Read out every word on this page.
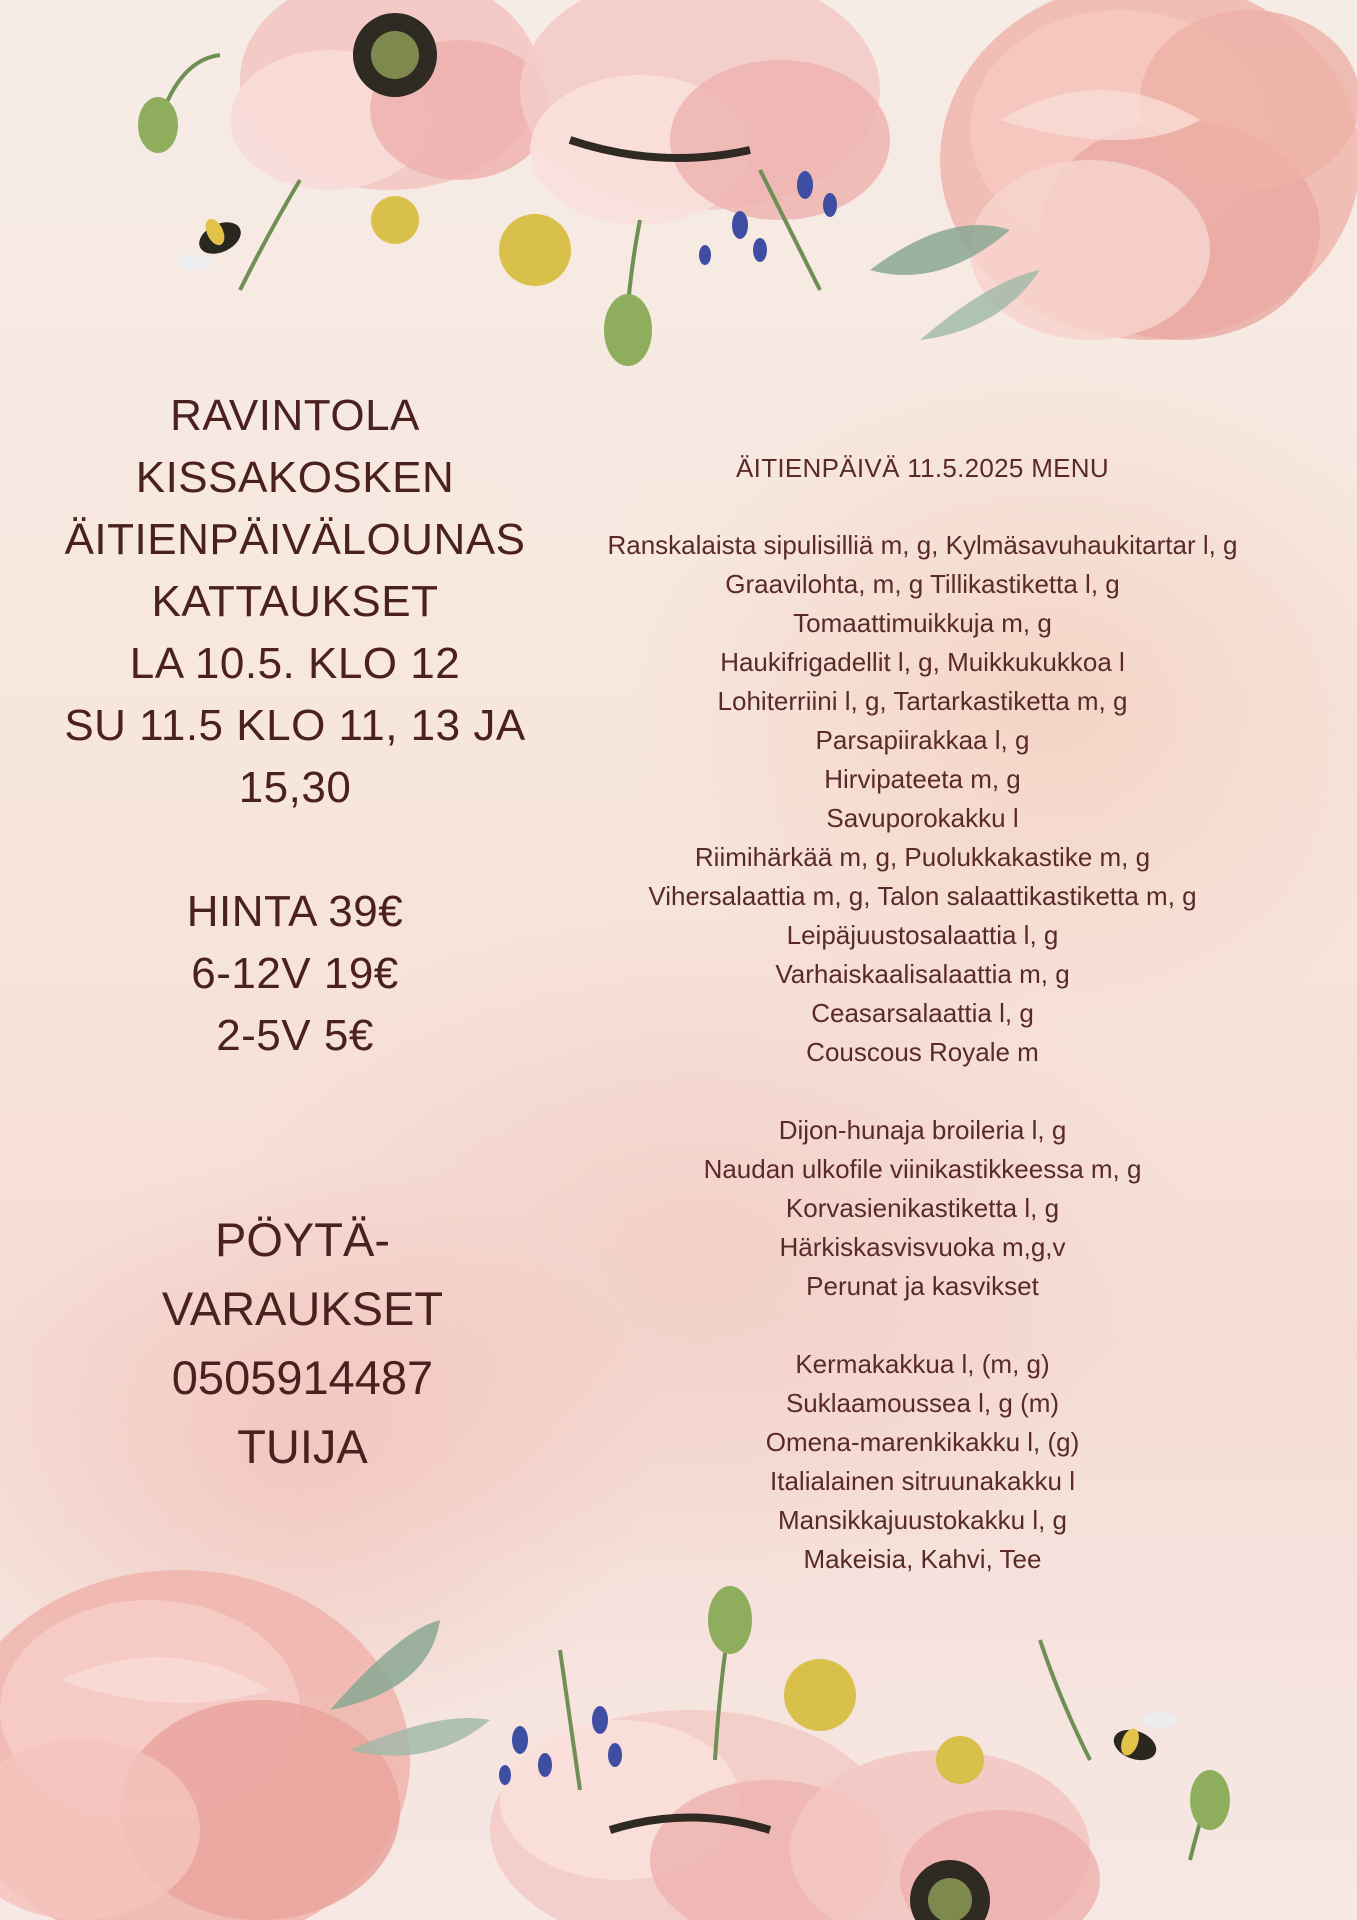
RAVINTOLA
KISSAKOSKEN
ÄITIENPÄIVÄLOUNAS
KATTAUKSET
LA 10.5. KLO 12
SU 11.5 KLO 11, 13 JA
15,30
HINTA 39€
6-12V 19€
2-5V 5€
PÖYTÄ-
VARAUKSET
0505914487
TUIJA
ÄITIENPÄIVÄ 11.5.2025 MENU
Ranskalaista sipulisilliä m, g, Kylmäsavuhaukitartar l, g
Graavilohta, m, g Tillikastiketta l, g
Tomaattimuikkuja m, g
Haukifrigadellit l, g, Muikkukukkoa l
Lohiterriini l, g, Tartarkastiketta m, g
Parsapiirakkaa l, g
Hirvipateeta m, g
Savuporokakku l
Riimihärkää m, g, Puolukkakastike m, g
Vihersalaattia m, g, Talon salaattikastiketta m, g
Leipäjuustosalaattia l, g
Varhaiskaalisalaattia m, g
Ceasarsalaattia l, g
Couscous Royale m
Dijon-hunaja broileria l, g
Naudan ulkofile viinikastikkeessa m, g
Korvasienikastiketta l, g
Härkiskasvisvuoka m,g,v
Perunat ja kasvikset
Kermakakkua l, (m, g)
Suklaamoussea l, g (m)
Omena-marenkikakku l, (g)
Italialainen sitruunakakku l
Mansikkajuustokakku l, g
Makeisia, Kahvi, Tee
